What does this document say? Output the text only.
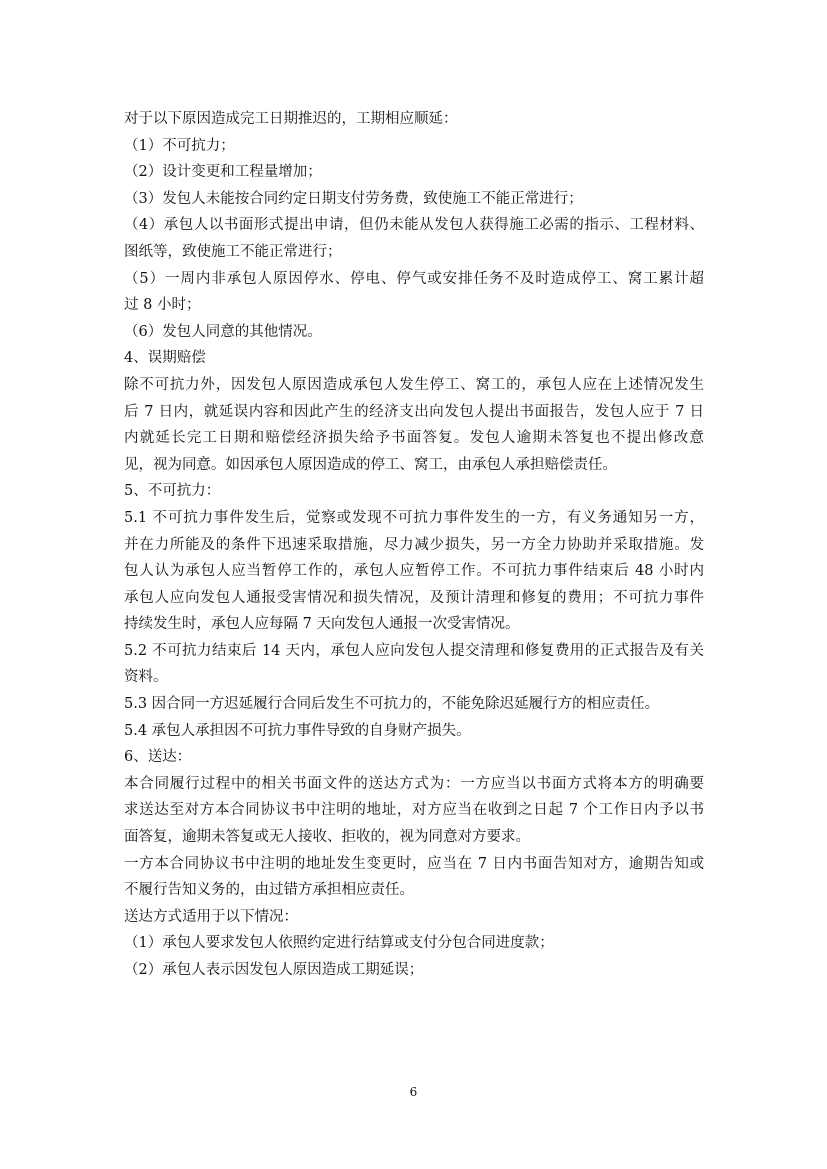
对于以下原因造成完工日期推迟的，工期相应顺延：
（1）不可抗力；
（2）设计变更和工程量增加；
（3）发包人未能按合同约定日期支付劳务费，致使施工不能正常进行；
（4）承包人以书面形式提出申请，但仍未能从发包人获得施工必需的指示、工程材料、
图纸等，致使施工不能正常进行；
（5）一周内非承包人原因停水、停电、停气或安排任务不及时造成停工、窝工累计超
过 8 小时；
（6）发包人同意的其他情况。
4、误期赔偿
除不可抗力外，因发包人原因造成承包人发生停工、窝工的，承包人应在上述情况发生
后 7 日内，就延误内容和因此产生的经济支出向发包人提出书面报告，发包人应于 7 日
内就延长完工日期和赔偿经济损失给予书面答复。发包人逾期未答复也不提出修改意
见，视为同意。如因承包人原因造成的停工、窝工，由承包人承担赔偿责任。
5、不可抗力：
5.1 不可抗力事件发生后，觉察或发现不可抗力事件发生的一方，有义务通知另一方，
并在力所能及的条件下迅速采取措施，尽力减少损失，另一方全力协助并采取措施。发
包人认为承包人应当暂停工作的，承包人应暂停工作。不可抗力事件结束后 48 小时内
承包人应向发包人通报受害情况和损失情况，及预计清理和修复的费用；不可抗力事件
持续发生时，承包人应每隔 7 天向发包人通报一次受害情况。
5.2 不可抗力结束后 14 天内，承包人应向发包人提交清理和修复费用的正式报告及有关
资料。
5.3 因合同一方迟延履行合同后发生不可抗力的，不能免除迟延履行方的相应责任。
5.4 承包人承担因不可抗力事件导致的自身财产损失。
6、送达：
本合同履行过程中的相关书面文件的送达方式为：一方应当以书面方式将本方的明确要
求送达至对方本合同协议书中注明的地址，对方应当在收到之日起 7 个工作日内予以书
面答复，逾期未答复或无人接收、拒收的，视为同意对方要求。
一方本合同协议书中注明的地址发生变更时，应当在 7 日内书面告知对方，逾期告知或
不履行告知义务的，由过错方承担相应责任。
送达方式适用于以下情况：
（1）承包人要求发包人依照约定进行结算或支付分包合同进度款；
（2）承包人表示因发包人原因造成工期延误；
6
